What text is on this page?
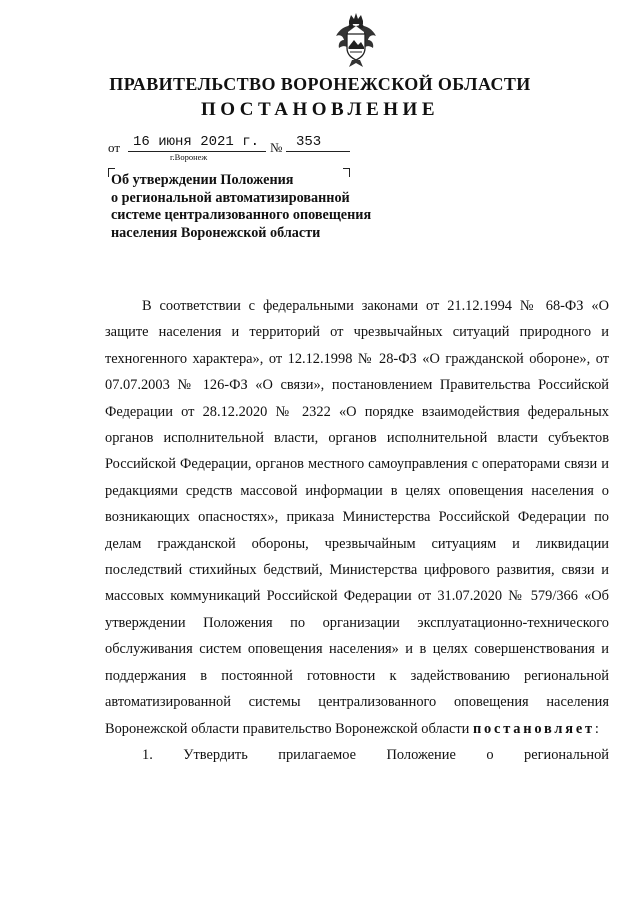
ПРАВИТЕЛЬСТВО ВОРОНЕЖСКОЙ ОБЛАСТИ
ПОСТАНОВЛЕНИЕ
от 16 июня 2021 г. № 353
г.Воронеж
Об утверждении Положения
о региональной автоматизированной
системе централизованного оповещения
населения Воронежской области

В соответствии с федеральными законами от 21.12.1994 № 68-ФЗ «О защите населения и территорий от чрезвычайных ситуаций природного и техногенного характера», от 12.12.1998 № 28-ФЗ «О гражданской обороне», от 07.07.2003 № 126-ФЗ «О связи», постановлением Правительства Российской Федерации от 28.12.2020 № 2322 «О порядке взаимодействия федеральных органов исполнительной власти, органов исполнительной власти субъектов Российской Федерации, органов местного самоуправления с операторами связи и редакциями средств массовой информации в целях оповещения населения о возникающих опасностях», приказа Министерства Российской Федерации по делам гражданской обороны, чрезвычайным ситуациям и ликвидации последствий стихийных бедствий, Министерства цифрового развития, связи и массовых коммуникаций Российской Федерации от 31.07.2020 № 579/366 «Об утверждении Положения по организации эксплуатационно-технического обслуживания систем оповещения населения» и в целях совершенствования и поддержания в постоянной готовности к задействованию региональной автоматизированной системы централизованного оповещения населения Воронежской области правительство Воронежской области постановляет:

1. Утвердить прилагаемое Положение о региональной
